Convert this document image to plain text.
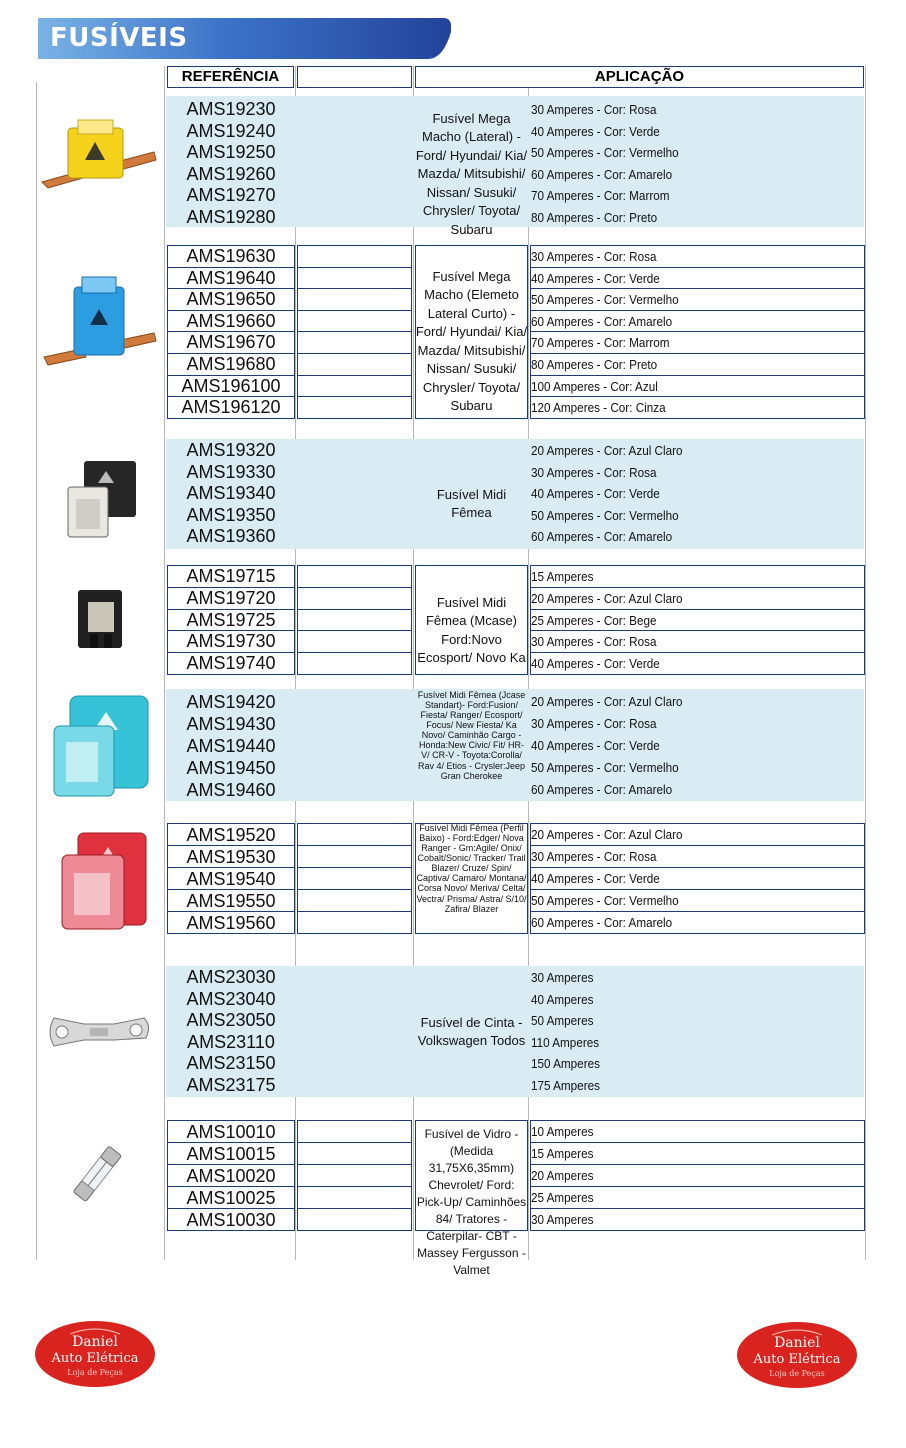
FUSÍVEIS
REFERÊNCIA	APLICAÇÃO
Fusível Mega Macho (Lateral) - Ford/ Hyundai/ Kia/ Mazda/ Mitsubishi/ Nissan/ Susuki/ Chrysler/ Toyota/ Subaru
AMS19230	30 Amperes - Cor: Rosa
AMS19240	40 Amperes - Cor: Verde
AMS19250	50 Amperes - Cor: Vermelho
AMS19260	60 Amperes - Cor: Amarelo
AMS19270	70 Amperes - Cor: Marrom
AMS19280	80 Amperes - Cor: Preto
Fusível Mega Macho (Elemeto Lateral Curto) - Ford/ Hyundai/ Kia/ Mazda/ Mitsubishi/ Nissan/ Susuki/ Chrysler/ Toyota/ Subaru
AMS19630	30 Amperes - Cor: Rosa
AMS19640	40 Amperes - Cor: Verde
AMS19650	50 Amperes - Cor: Vermelho
AMS19660	60 Amperes - Cor: Amarelo
AMS19670	70 Amperes - Cor: Marrom
AMS19680	80 Amperes - Cor: Preto
AMS196100	100 Amperes - Cor: Azul
AMS196120	120 Amperes - Cor: Cinza
Fusível Midi Fêmea
AMS19320	20 Amperes - Cor: Azul Claro
AMS19330	30 Amperes - Cor: Rosa
AMS19340	40 Amperes - Cor: Verde
AMS19350	50 Amperes - Cor: Vermelho
AMS19360	60 Amperes - Cor: Amarelo
Fusível Midi Fêmea (Mcase) Ford:Novo Ecosport/ Novo Ka
AMS19715	15 Amperes
AMS19720	20 Amperes - Cor: Azul Claro
AMS19725	25 Amperes - Cor: Bege
AMS19730	30 Amperes - Cor: Rosa
AMS19740	40 Amperes - Cor: Verde
Fusível Midi Fêmea (Jcase Standart)- Ford:Fusion/ Fiesta/ Ranger/ Ecosport/ Focus/ New Fiesta/ Ka Novo/ Caminhão Cargo - Honda:New Civic/ Fit/ HR-V/ CR-V - Toyota:Corolla/ Rav 4/ Etios - Crysler:Jeep Gran Cherokee
AMS19420	20 Amperes - Cor: Azul Claro
AMS19430	30 Amperes - Cor: Rosa
AMS19440	40 Amperes - Cor: Verde
AMS19450	50 Amperes - Cor: Vermelho
AMS19460	60 Amperes - Cor: Amarelo
Fusível Midi Fêmea (Perfil Baixo) - Ford:Edger/ Nova Ranger - Gm:Agile/ Onix/ Cobalt/Sonic/ Tracker/ Trail Blazer/ Cruze/ Spin/ Captiva/ Camaro/ Montana/ Corsa Novo/ Meriva/ Celta/ Vectra/ Prisma/ Astra/ S/10/ Zafira/ Blazer
AMS19520	20 Amperes - Cor: Azul Claro
AMS19530	30 Amperes - Cor: Rosa
AMS19540	40 Amperes - Cor: Verde
AMS19550	50 Amperes - Cor: Vermelho
AMS19560	60 Amperes - Cor: Amarelo
Fusível de Cinta - Volkswagen Todos
AMS23030	30 Amperes
AMS23040	40 Amperes
AMS23050	50 Amperes
AMS23110	110 Amperes
AMS23150	150 Amperes
AMS23175	175 Amperes
Fusível de Vidro - (Medida 31,75X6,35mm) Chevrolet/ Ford: Pick-Up/ Caminhões 84/ Tratores - Caterpilar- CBT - Massey Fergusson - Valmet
AMS10010	10 Amperes
AMS10015	15 Amperes
AMS10020	20 Amperes
AMS10025	25 Amperes
AMS10030	30 Amperes
Daniel
Auto Elétrica
Loja de Peças
Daniel
Auto Elétrica
Loja de Peças
